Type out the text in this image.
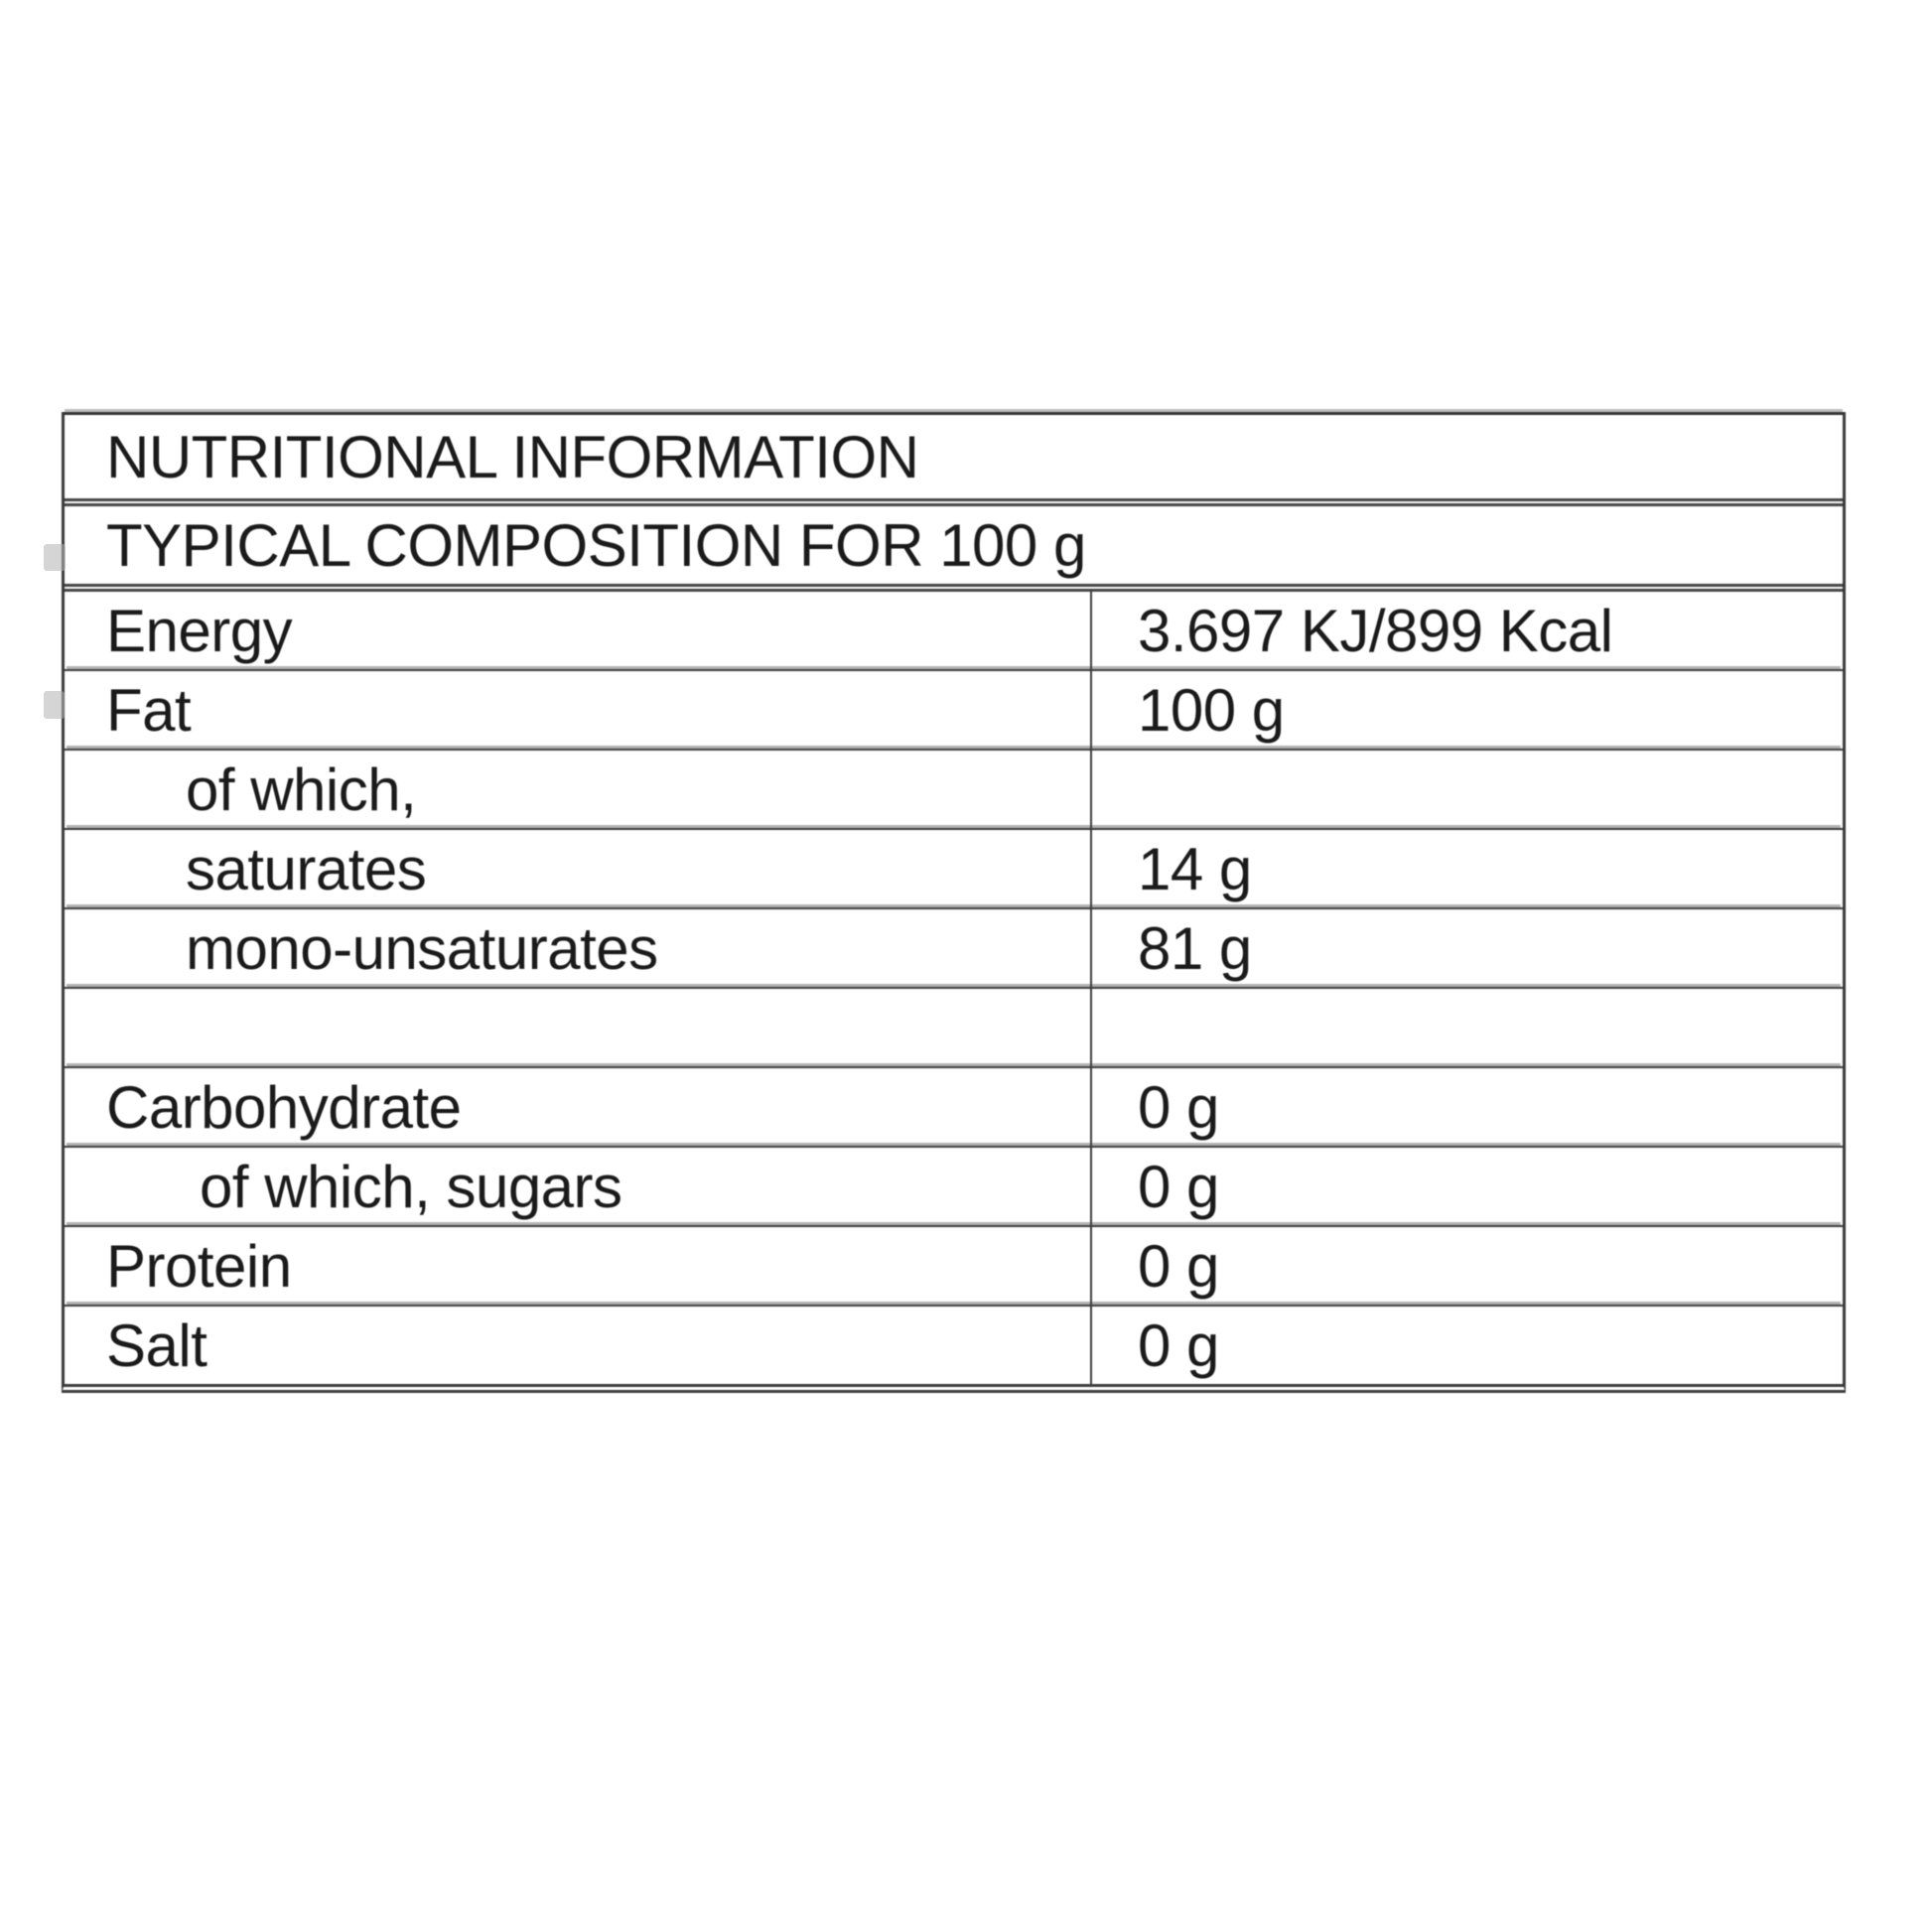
NUTRITIONAL INFORMATION
TYPICAL COMPOSITION FOR 100 g
Energy	3.697 KJ/899 Kcal
Fat	100 g
of which,
saturates	14 g
mono-unsaturates	81 g
Carbohydrate	0 g
of which, sugars	0 g
Protein	0 g
Salt	0 g
